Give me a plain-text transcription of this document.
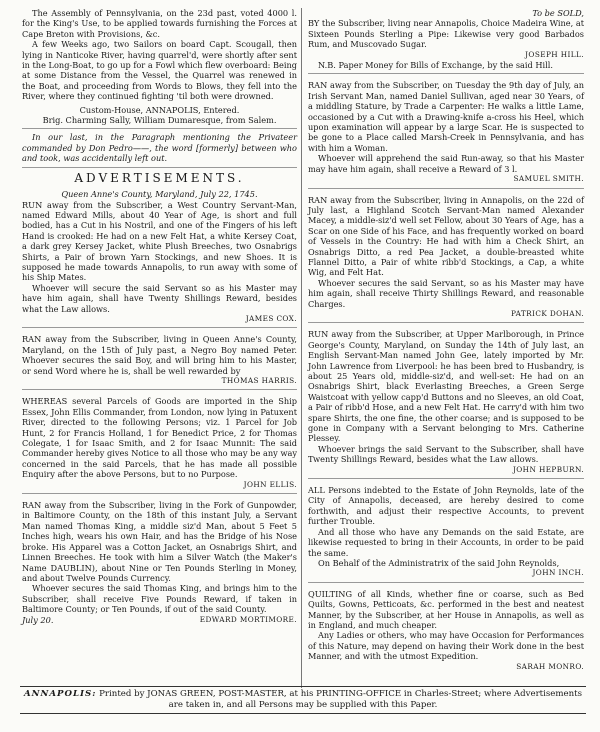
The Assembly of Pennsylvania, on the 23d past, voted 4000 l. for the King's Use, to be applied towards furnishing the Forces at Cape Breton with Provisions, &c.

A few Weeks ago, two Sailors on board Capt. Scougall, then lying in Nanticoke River, having quarrel'd, were shortly after sent in the Long-Boat, to go up for a Fowl which flew overboard: Being at some Distance from the Vessel, the Quarrel was renewed in the Boat, and proceeding from Words to Blows, they fell into the River, where they continued fighting 'til both were drowned.

Custom-House, ANNAPOLIS, Entered.

Brig. Charming Sally, William Dumaresque, from Salem.

In our last, in the Paragraph mentioning the Privateer commanded by Don Pedro——, the word [formerly] between who and took, was accidentally left out.

ADVERTISEMENTS.

Queen Anne's County, Maryland, July 22, 1745.

RUN away from the Subscriber, a West Country Servant-Man, named Edward Mills, about 40 Year of Age, is short and full bodied, has a Cut in his Nostril, and one of the Fingers of his left Hand is crooked: He had on a new Felt Hat, a white Kersey Coat, a dark grey Kersey Jacket, white Plush Breeches, two Osnabrigs Shirts, a Pair of brown Yarn Stockings, and new Shoes. It is supposed he made towards Annapolis, to run away with some of his Ship Mates.

Whoever will secure the said Servant so as his Master may have him again, shall have Twenty Shillings Reward, besides what the Law allows.

JAMES COX.

RAN away from the Subscriber, living in Queen Anne's County, Maryland, on the 15th of July past, a Negro Boy named Peter. Whoever secures the said Boy, and will bring him to his Master, or send Word where he is, shall be well rewarded by

THOMAS HARRIS.

WHEREAS several Parcels of Goods are imported in the Ship Essex, John Ellis Commander, from London, now lying in Patuxent River, directed to the following Persons; viz. 1 Parcel for Job Hunt, 2 for Francis Holland, 1 for Benedict Price, 2 for Thomas Colegate, 1 for Isaac Smith, and 2 for Isaac Munnit: The said Commander hereby gives Notice to all those who may be any way concerned in the said Parcels, that he has made all possible Enquiry after the above Persons, but to no Purpose.

JOHN ELLIS.

RAN away from the Subscriber, living in the Fork of Gunpowder, in Baltimore County, on the 18th of this instant July, a Servant Man named Thomas King, a middle siz'd Man, about 5 Feet 5 Inches high, wears his own Hair, and has the Bridge of his Nose broke. His Apparel was a Cotton Jacket, an Osnabrigs Shirt, and Linnen Breeches. He took with him a Silver Watch (the Maker's Name DAUBLIN), about Nine or Ten Pounds Sterling in Money, and about Twelve Pounds Currency.

Whoever secures the said Thomas King, and brings him to the Subscriber, shall receive Five Pounds Reward, if taken in Baltimore County; or Ten Pounds, if out of the said County.

July 20.	EDWARD MORTIMORE.

To be SOLD,

BY the Subscriber, living near Annapolis, Choice Madeira Wine, at Sixteen Pounds Sterling a Pipe: Likewise very good Barbados Rum, and Muscovado Sugar.

JOSEPH HILL.

N.B. Paper Money for Bills of Exchange, by the said Hill.

RAN away from the Subscriber, on Tuesday the 9th day of July, an Irish Servant Man, named Daniel Sullivan, aged near 30 Years, of a middling Stature, by Trade a Carpenter: He walks a little Lame, occasioned by a Cut with a Drawing-knife a-cross his Heel, which upon examination will appear by a large Scar. He is suspected to be gone to a Place called Marsh-Creek in Pennsylvania, and has with him a Woman.

Whoever will apprehend the said Run-away, so that his Master may have him again, shall receive a Reward of 3 l.

SAMUEL SMITH.

RAN away from the Subscriber, living in Annapolis, on the 22d of July last, a Highland Scotch Servant-Man named Alexander Macey, a middle-siz'd well set Fellow, about 30 Years of Age, has a Scar on one Side of his Face, and has frequently worked on board of Vessels in the Country: He had with him a Check Shirt, an Osnabrigs Ditto, a red Pea Jacket, a double-breasted white Flannel Ditto, a Pair of white ribb'd Stockings, a Cap, a white Wig, and Felt Hat.

Whoever secures the said Servant, so as his Master may have him again, shall receive Thirty Shillings Reward, and reasonable Charges.

PATRICK DOHAN.

RUN away from the Subscriber, at Upper Marlborough, in Prince George's County, Maryland, on Sunday the 14th of July last, an English Servant-Man named John Gee, lately imported by Mr. John Lawrence from Liverpool: he has been bred to Husbandry, is about 25 Years old, middle-siz'd, and well-set: He had on an Osnabrigs Shirt, black Everlasting Breeches, a Green Serge Waistcoat with yellow capp'd Buttons and no Sleeves, an old Coat, a Pair of ribb'd Hose, and a new Felt Hat. He carry'd with him two spare Shirts, the one fine, the other coarse; and is supposed to be gone in Company with a Servant belonging to Mrs. Catherine Plessey.

Whoever brings the said Servant to the Subscriber, shall have Twenty Shillings Reward, besides what the Law allows.

JOHN HEPBURN.

ALL Persons indebted to the Estate of John Reynolds, late of the City of Annapolis, deceased, are hereby desired to come forthwith, and adjust their respective Accounts, to prevent further Trouble.

And all those who have any Demands on the said Estate, are likewise requested to bring in their Accounts, in order to be paid the same.

On Behalf of the Administratrix of the said John Reynolds,

JOHN INCH.

QUILTING of all Kinds, whether fine or coarse, such as Bed Quilts, Gowns, Petticoats, &c. performed in the best and neatest Manner, by the Subscriber, at her House in Annapolis, as well as in England, and much cheaper.

Any Ladies or others, who may have Occasion for Performances of this Nature, may depend on having their Work done in the best Manner, and with the utmost Expedition.

SARAH MONRO.

ANNAPOLIS: Printed by JONAS GREEN, POST-MASTER, at his PRINTING-OFFICE in Charles-Street; where Advertisements are taken in, and all Persons may be supplied with this Paper.
